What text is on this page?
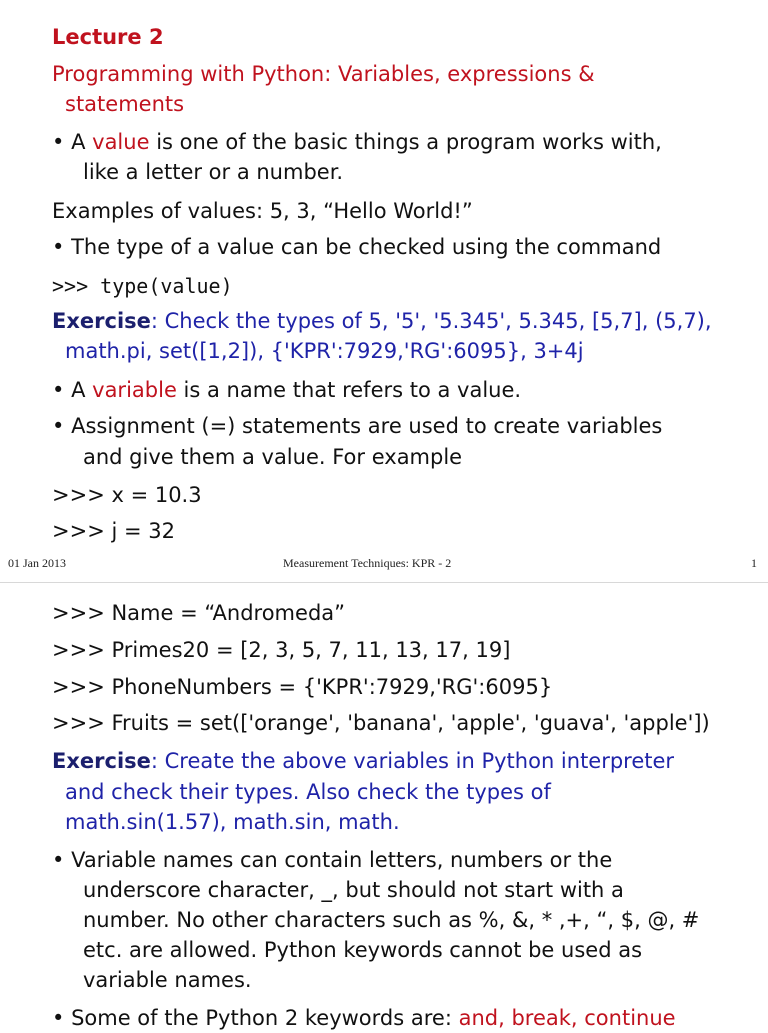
Lecture 2
Programming with Python: Variables, expressions &
statements
• A value is one of the basic things a program works with,
like a letter or a number.
Examples of values: 5, 3, “Hello World!”
• The type of a value can be checked using the command
>>> type(value)
Exercise: Check the types of 5, '5', '5.345', 5.345, [5,7], (5,7),
math.pi, set([1,2]), {'KPR':7929,'RG':6095}, 3+4j
• A variable is a name that refers to a value.
• Assignment (=) statements are used to create variables
and give them a value. For example
>>> x = 10.3
>>> j = 32
01 Jan 2013	Measurement Techniques: KPR - 2	1
>>> Name = “Andromeda”
>>> Primes20 = [2, 3, 5, 7, 11, 13, 17, 19]
>>> PhoneNumbers = {'KPR':7929,'RG':6095}
>>> Fruits = set(['orange', 'banana', 'apple', 'guava', 'apple'])
Exercise: Create the above variables in Python interpreter
and check their types. Also check the types of
math.sin(1.57), math.sin, math.
• Variable names can contain letters, numbers or the
underscore character, _, but should not start with a
number. No other characters such as %, &, * ,+, “, $, @, #
etc. are allowed. Python keywords cannot be used as
variable names.
• Some of the Python 2 keywords are: and, break, continue
